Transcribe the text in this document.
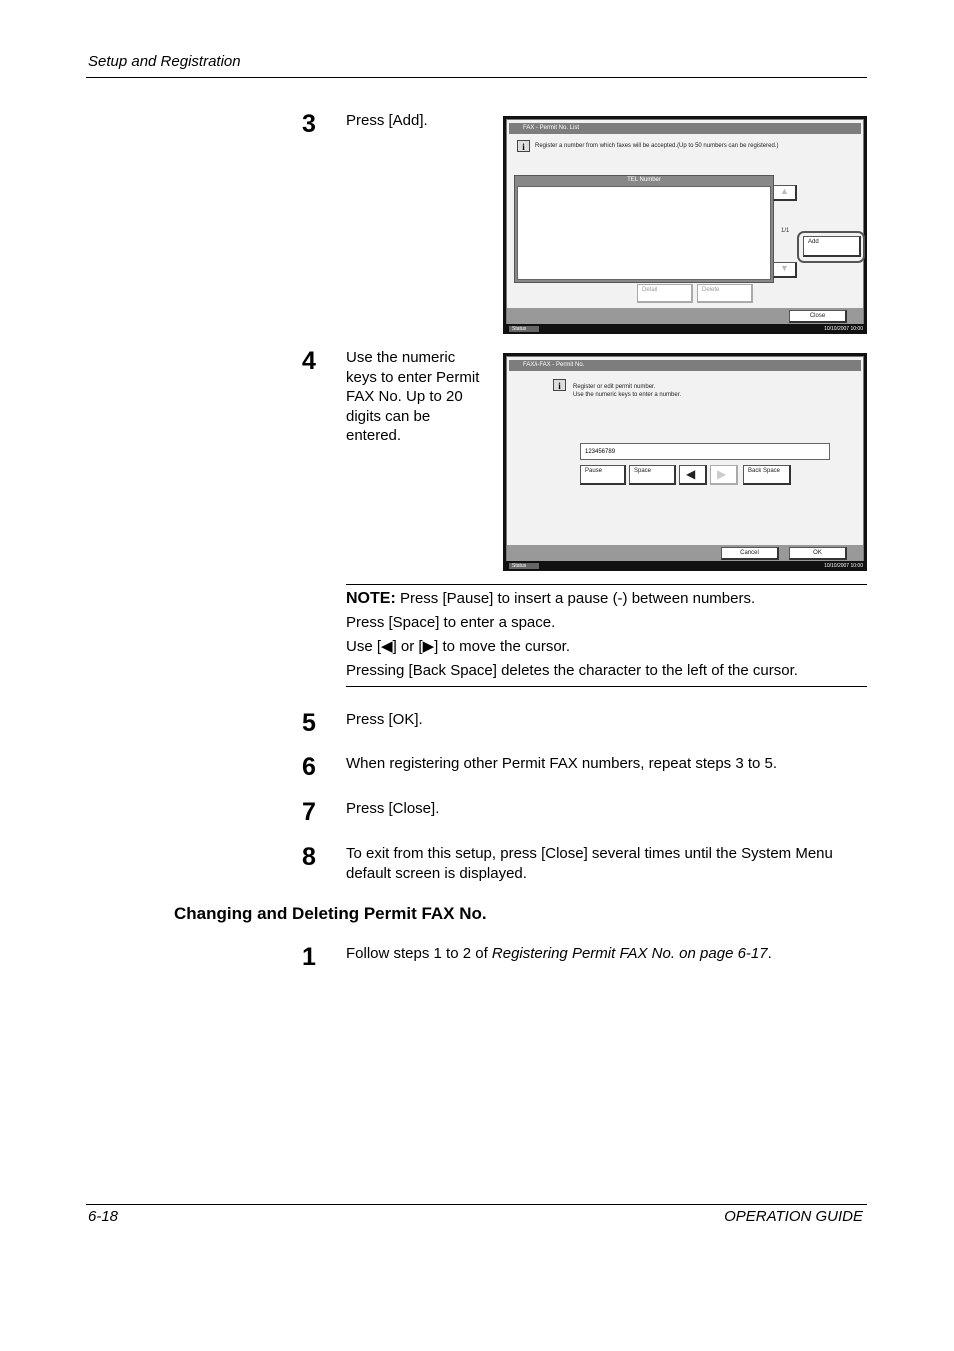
Setup and Registration
3 Press [Add].	FAX - Permit No. List
i	Register a number from which faxes will be accepted.(Up to 50 numbers can be registered.)
TEL Number
▲
1/1
▼
Add
Detail	Delete
Close
Status	10/10/2007 10:00
4 Use the numeric
keys to enter Permit
FAX No. Up to 20
digits can be
entered.
FAX/i-FAX - Permit No.
i	Register or edit permit number.
Use the numeric keys to enter a number.
123456789
Pause	Space	◀	▶	Back Space
Cancel	OK
Status	10/10/2007 10:00
NOTE: Press [Pause] to insert a pause (-) between numbers.
Press [Space] to enter a space.
Use [◀] or [▶] to move the cursor.
Pressing [Back Space] deletes the character to the left of the cursor.
5 Press [OK].
6 When registering other Permit FAX numbers, repeat steps 3 to 5.
7 Press [Close].
8 To exit from this setup, press [Close] several times until the System Menu
default screen is displayed.
Changing and Deleting Permit FAX No.
1 Follow steps 1 to 2 of Registering Permit FAX No. on page 6-17.
6-18	OPERATION GUIDE
